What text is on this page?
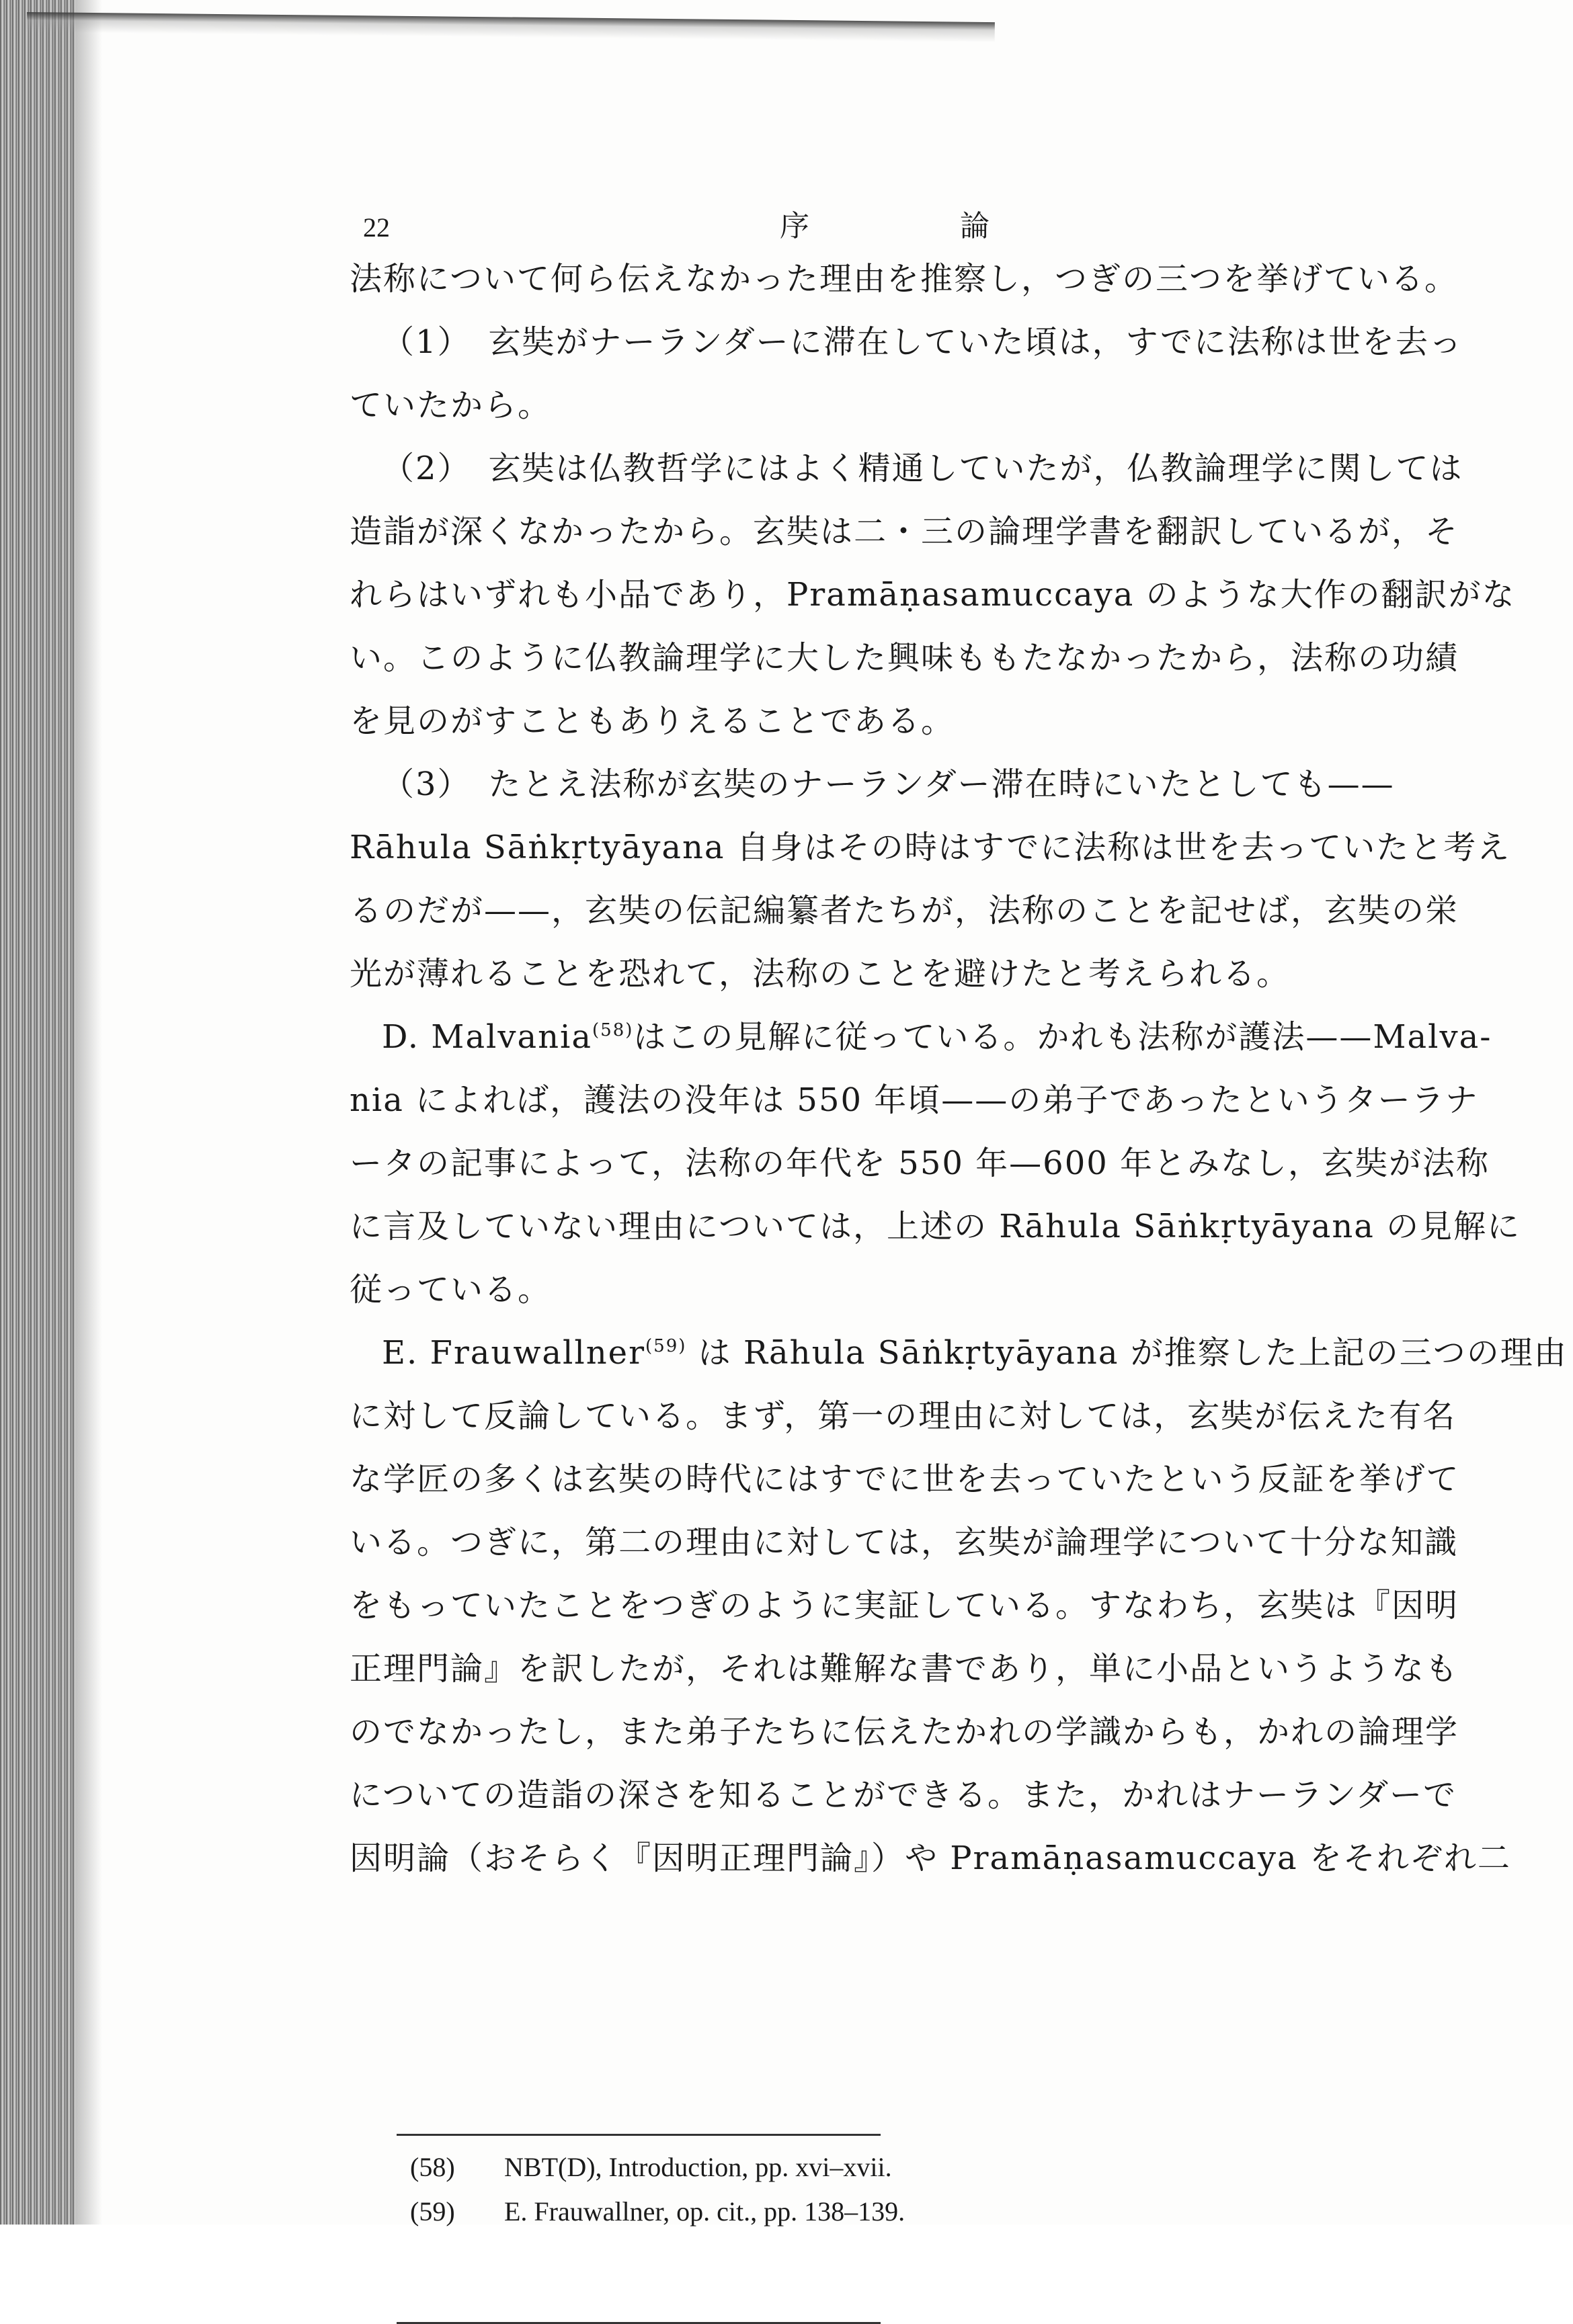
22	序　論
法称について何ら伝えなかった理由を推察し，つぎの三つを挙げている。
（1）　玄奘がナーランダーに滞在していた頃は，すでに法称は世を去っ
ていたから。
（2）　玄奘は仏教哲学にはよく精通していたが，仏教論理学に関しては
造詣が深くなかったから。玄奘は二・三の論理学書を翻訳しているが，そ
れらはいずれも小品であり，Pramāṇasamuccaya のような大作の翻訳がな
い。このように仏教論理学に大した興味ももたなかったから，法称の功績
を見のがすこともありえることである。
（3）　たとえ法称が玄奘のナーランダー滞在時にいたとしても——
Rāhula Sāṅkṛtyāyana 自身はその時はすでに法称は世を去っていたと考え
るのだが——，玄奘の伝記編纂者たちが，法称のことを記せば，玄奘の栄
光が薄れることを恐れて，法称のことを避けたと考えられる。
D. Malvania$^{(58)}$はこの見解に従っている。かれも法称が護法——Malva-
nia によれば，護法の没年は 550 年頃——の弟子であったというターラナ
ータの記事によって，法称の年代を 550 年—600 年とみなし，玄奘が法称
に言及していない理由については，上述の Rāhula Sāṅkṛtyāyana の見解に
従っている。
E. Frauwallner$^{(59)}$ は Rāhula Sāṅkṛtyāyana が推察した上記の三つの理由
に対して反論している。まず，第一の理由に対しては，玄奘が伝えた有名
な学匠の多くは玄奘の時代にはすでに世を去っていたという反証を挙げて
いる。つぎに，第二の理由に対しては，玄奘が論理学について十分な知識
をもっていたことをつぎのように実証している。すなわち，玄奘は『因明
正理門論』を訳したが，それは難解な書であり，単に小品というようなも
のでなかったし，また弟子たちに伝えたかれの学識からも，かれの論理学
についての造詣の深さを知ることができる。また，かれはナーランダーで
因明論（おそらく『因明正理門論』）や Pramāṇasamuccaya をそれぞれ二
(58) NBT(D), Introduction, pp. xvi–xvii.
(59) E. Frauwallner, op. cit., pp. 138–139.
